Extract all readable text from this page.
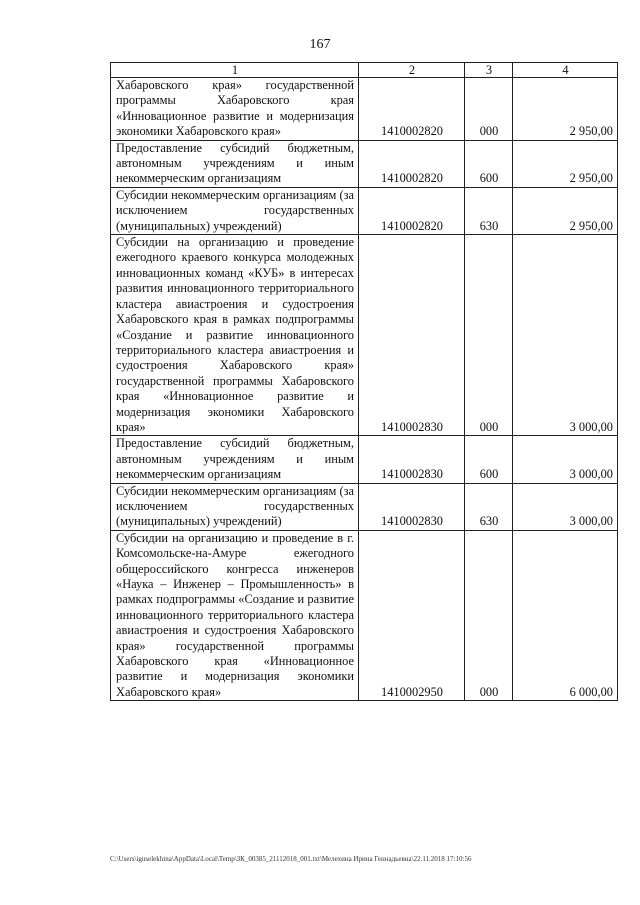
167
1	2	3	4
Хабаровского края» государственной программы Хабаровского края «Инновационное развитие и модернизация экономики Хабаровского края»	1410002820	000	2 950,00
Предоставление субсидий бюджетным, автономным учреждениям и иным некоммерческим организациям	1410002820	600	2 950,00
Субсидии некоммерческим организациям (за исключением государственных (муниципальных) учреждений)	1410002820	630	2 950,00
Субсидии на организацию и проведение ежегодного краевого конкурса молодежных инновационных команд «КУБ» в интересах развития инновационного территориального кластера авиастроения и судостроения Хабаровского края в рамках подпрограммы «Создание и развитие инновационного территориального кластера авиастроения и судостроения Хабаровского края» государственной программы Хабаровского края «Инновационное развитие и модернизация экономики Хабаровского края»	1410002830	000	3 000,00
Предоставление субсидий бюджетным, автономным учреждениям и иным некоммерческим организациям	1410002830	600	3 000,00
Субсидии некоммерческим организациям (за исключением государственных (муниципальных) учреждений)	1410002830	630	3 000,00
Субсидии на организацию и проведение в г. Комсомольске-на-Амуре ежегодного общероссийского конгресса инженеров «Наука – Инженер – Промышленность» в рамках подпрограммы «Создание и развитие инновационного территориального кластера авиастроения и судостроения Хабаровского края» государственной программы Хабаровского края «Инновационное развитие и модернизация экономики Хабаровского края»	1410002950	000	6 000,00
C:\Users\iguselekhina\AppData\Local\Temp\ЗК_00385_21112018_001.txt\Мелехина Ирина Геннадьевна\22.11.2018 17:10:56
